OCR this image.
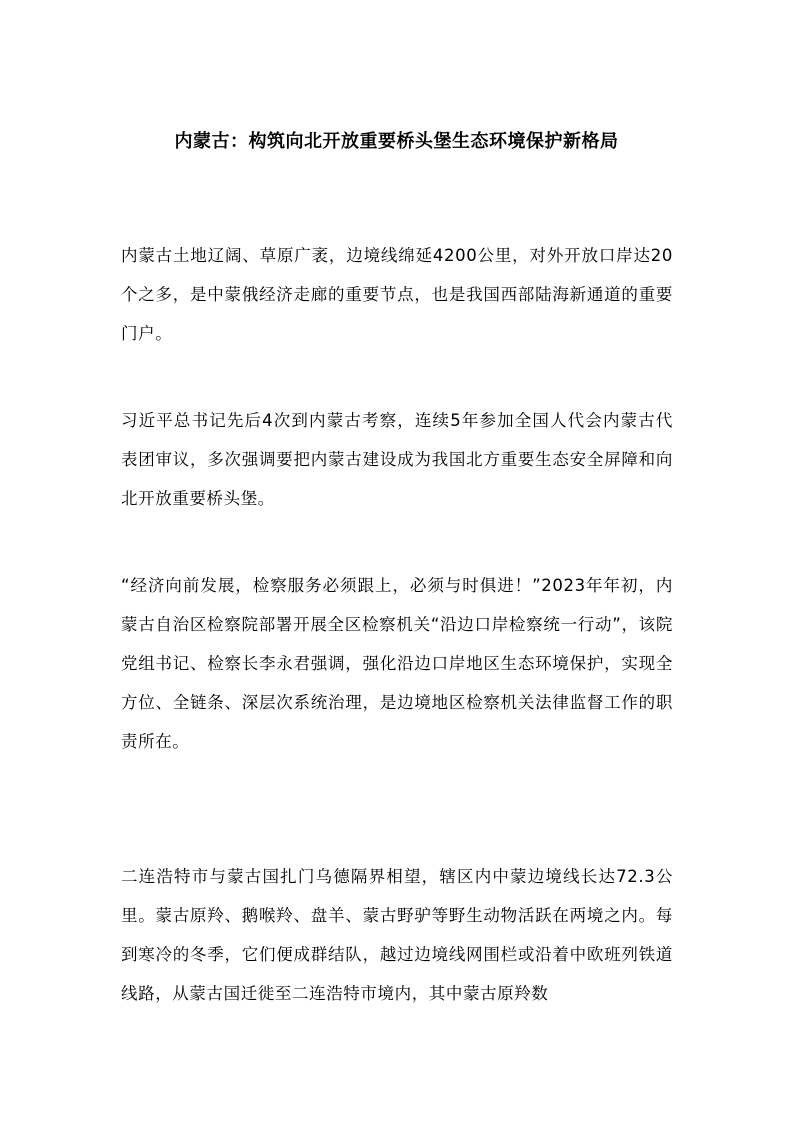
内蒙古：构筑向北开放重要桥头堡生态环境保护新格局

内蒙古土地辽阔、草原广袤，边境线绵延4200公里，对外开放口岸达20个之多，是中蒙俄经济走廊的重要节点，也是我国西部陆海新通道的重要门户。

习近平总书记先后4次到内蒙古考察，连续5年参加全国人代会内蒙古代表团审议，多次强调要把内蒙古建设成为我国北方重要生态安全屏障和向北开放重要桥头堡。

“经济向前发展，检察服务必须跟上，必须与时俱进！”2023年年初，内蒙古自治区检察院部署开展全区检察机关“沿边口岸检察统一行动”，该院党组书记、检察长李永君强调，强化沿边口岸地区生态环境保护，实现全方位、全链条、深层次系统治理，是边境地区检察机关法律监督工作的职责所在。

二连浩特市与蒙古国扎门乌德隔界相望，辖区内中蒙边境线长达72.3公里。蒙古原羚、鹅喉羚、盘羊、蒙古野驴等野生动物活跃在两境之内。每到寒冷的冬季，它们便成群结队，越过边境线网围栏或沿着中欧班列铁道线路，从蒙古国迁徙至二连浩特市境内，其中蒙古原羚数
